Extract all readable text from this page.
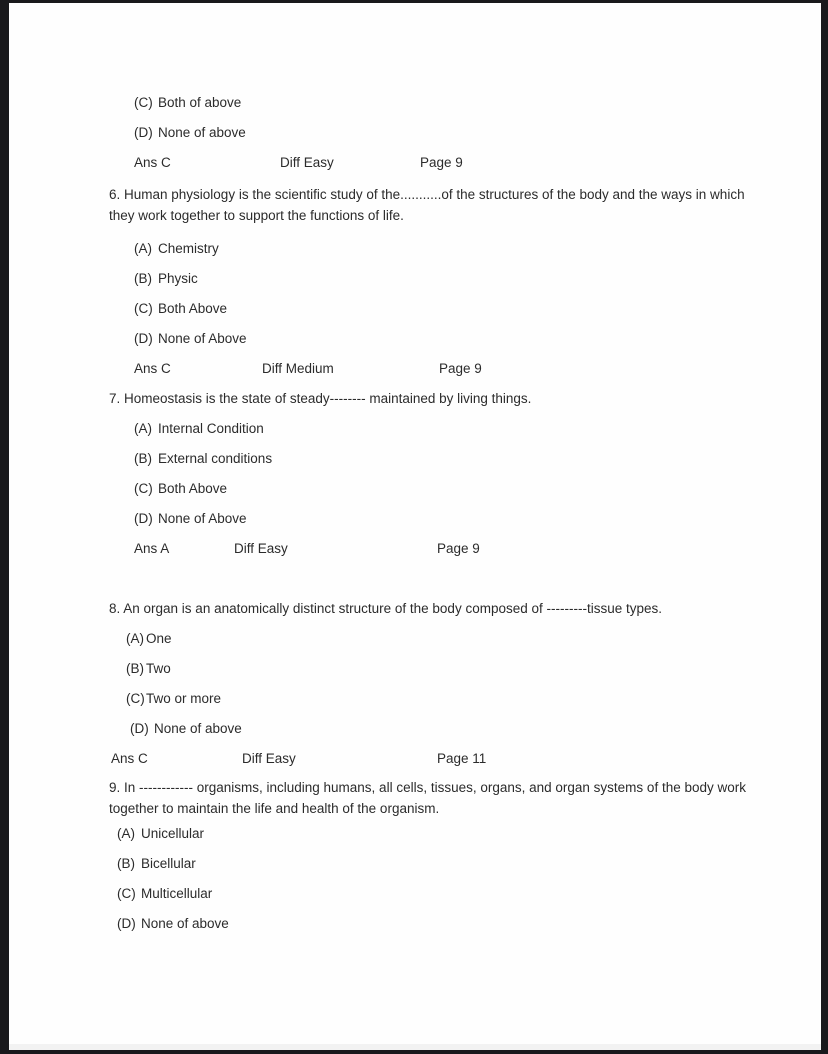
(C) Both of above
(D) None of above
Ans C	Diff Easy	Page 9

6. Human physiology is the scientific study of the...........of the structures of the body and the ways in which they work together to support the functions of life.

(A) Chemistry
(B) Physic
(C) Both Above
(D) None of Above
Ans C	Diff Medium	Page 9

7. Homeostasis is the state of steady-------- maintained by living things.

(A) Internal Condition
(B) External conditions
(C) Both Above
(D) None of Above
Ans A	Diff Easy	Page 9

8. An organ is an anatomically distinct structure of the body composed of ---------tissue types.

(A) One
(B) Two
(C)Two or more
(D) None of above
Ans C	Diff Easy	Page 11

9. In ------------ organisms, including humans, all cells, tissues, organs, and organ systems of the body work together to maintain the life and health of the organism.

(A) Unicellular
(B) Bicellular
(C) Multicellular
(D) None of above
